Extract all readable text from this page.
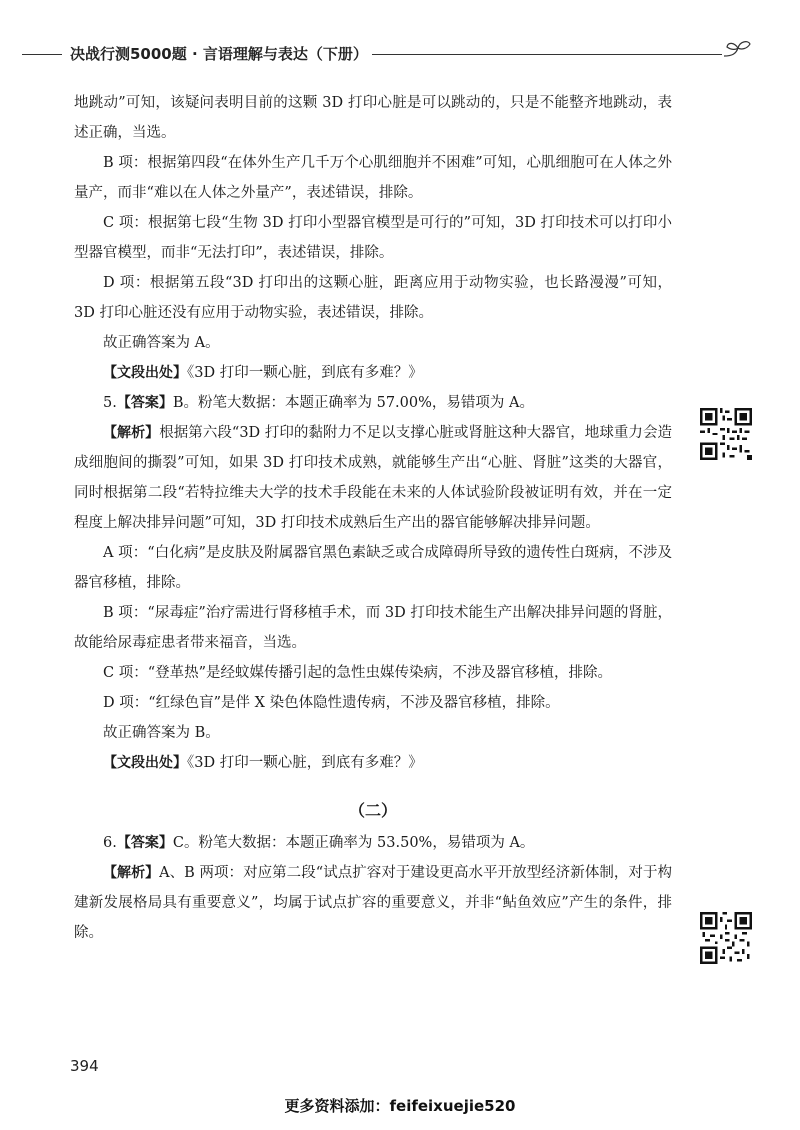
决战行测5000题 · 言语理解与表达（下册）

地跳动”可知，该疑问表明目前的这颗 3D 打印心脏是可以跳动的，只是不能整齐地跳动，表述正确，当选。

B 项：根据第四段“在体外生产几千万个心肌细胞并不困难”可知，心肌细胞可在人体之外量产，而非“难以在人体之外量产”，表述错误，排除。

C 项：根据第七段“生物 3D 打印小型器官模型是可行的”可知，3D 打印技术可以打印小型器官模型，而非“无法打印”，表述错误，排除。

D 项：根据第五段“3D 打印出的这颗心脏，距离应用于动物实验，也长路漫漫”可知，3D 打印心脏还没有应用于动物实验，表述错误，排除。

故正确答案为 A。

【文段出处】《3D 打印一颗心脏，到底有多难？》

5.【答案】B。粉笔大数据：本题正确率为 57.00%，易错项为 A。

【解析】根据第六段“3D 打印的黏附力不足以支撑心脏或肾脏这种大器官，地球重力会造成细胞间的撕裂”可知，如果 3D 打印技术成熟，就能够生产出“心脏、肾脏”这类的大器官，同时根据第二段“若特拉维夫大学的技术手段能在未来的人体试验阶段被证明有效，并在一定程度上解决排异问题”可知，3D 打印技术成熟后生产出的器官能够解决排异问题。

A 项：“白化病”是皮肤及附属器官黑色素缺乏或合成障碍所导致的遗传性白斑病，不涉及器官移植，排除。

B 项：“尿毒症”治疗需进行肾移植手术，而 3D 打印技术能生产出解决排异问题的肾脏，故能给尿毒症患者带来福音，当选。

C 项：“登革热”是经蚊媒传播引起的急性虫媒传染病，不涉及器官移植，排除。

D 项：“红绿色盲”是伴 X 染色体隐性遗传病，不涉及器官移植，排除。

故正确答案为 B。

【文段出处】《3D 打印一颗心脏，到底有多难？》

（二）

6.【答案】C。粉笔大数据：本题正确率为 53.50%，易错项为 A。

【解析】A、B 两项：对应第二段“试点扩容对于建设更高水平开放型经济新体制，对于构建新发展格局具有重要意义”，均属于试点扩容的重要意义，并非“鲇鱼效应”产生的条件，排除。

394
更多资料添加：feifeixuejie520
